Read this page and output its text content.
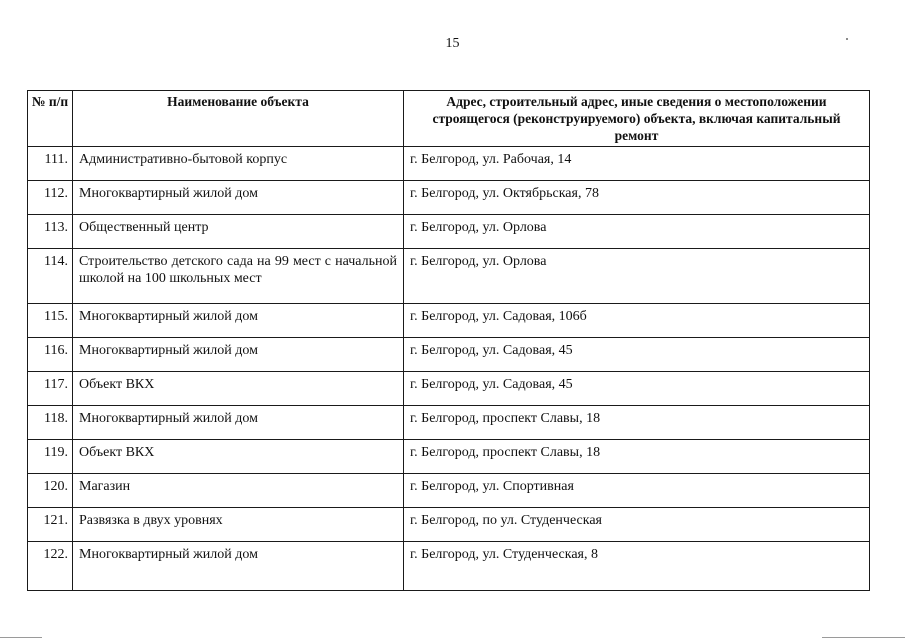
15
№ п/п	Наименование объекта	Адрес, строительный адрес, иные сведения о местоположении строящегося (реконструируемого) объекта, включая капитальный ремонт
111.	Административно-бытовой корпус	г. Белгород, ул. Рабочая, 14
112.	Многоквартирный жилой дом	г. Белгород, ул. Октябрьская, 78
113.	Общественный центр	г. Белгород, ул. Орлова
114.	Строительство детского сада на 99 мест с начальной школой на 100 школьных мест	г. Белгород, ул. Орлова
115.	Многоквартирный жилой дом	г. Белгород, ул. Садовая, 106б
116.	Многоквартирный жилой дом	г. Белгород, ул. Садовая, 45
117.	Объект ВКХ	г. Белгород, ул. Садовая, 45
118.	Многоквартирный жилой дом	г. Белгород, проспект Славы, 18
119.	Объект ВКХ	г. Белгород, проспект Славы, 18
120.	Магазин	г. Белгород, ул. Спортивная
121.	Развязка в двух уровнях	г. Белгород, по ул. Студенческая
122.	Многоквартирный жилой дом	г. Белгород, ул. Студенческая, 8
